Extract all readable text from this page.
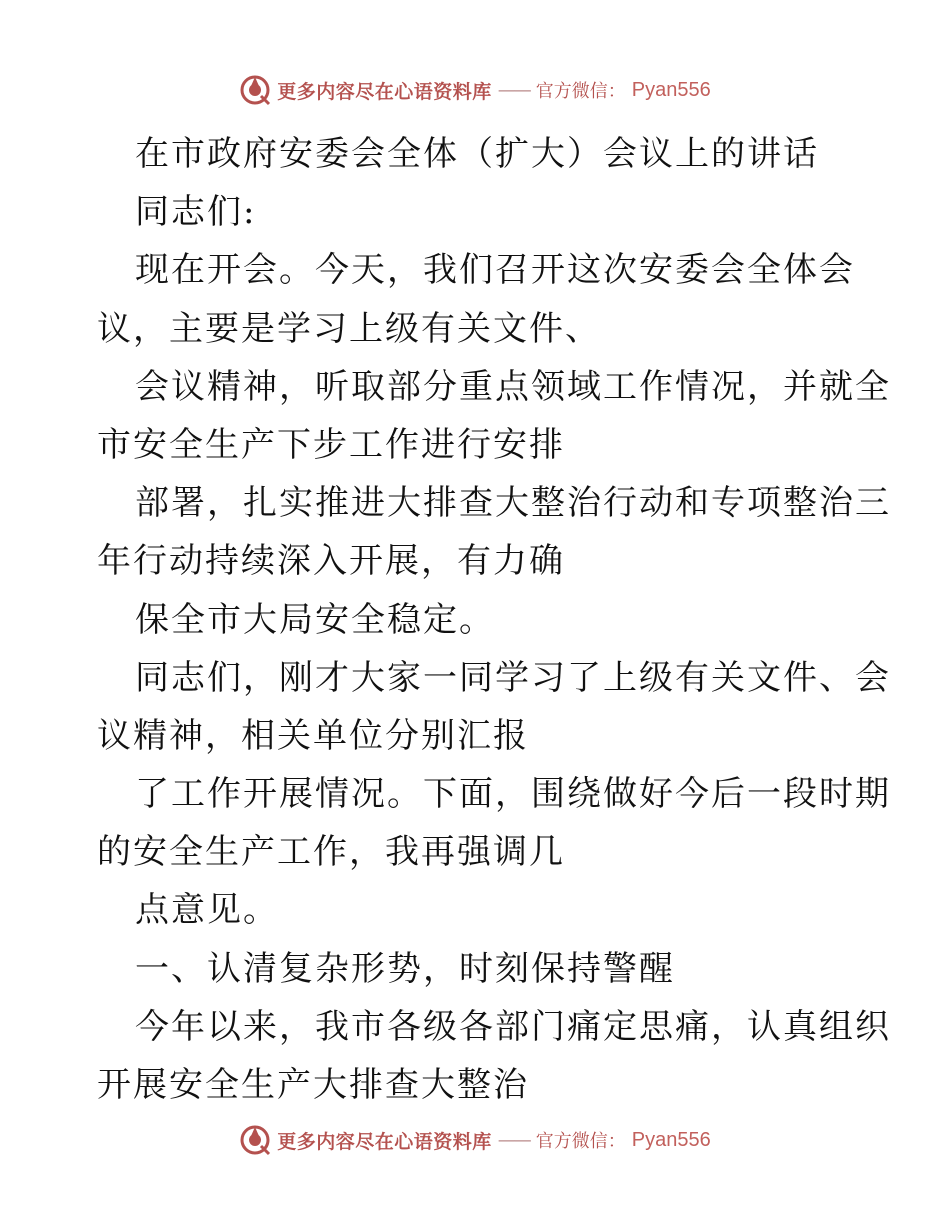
更多内容尽在心语资料库 —— 官方微信： Pyan556
在市政府安委会全体（扩大）会议上的讲话
同志们:
现在开会。今天，我们召开这次安委会全体会
议，主要是学习上级有关文件、
会议精神，听取部分重点领域工作情况，并就全
市安全生产下步工作进行安排
部署，扎实推进大排查大整治行动和专项整治三
年行动持续深入开展，有力确
保全市大局安全稳定。
同志们，刚才大家一同学习了上级有关文件、会
议精神，相关单位分别汇报
了工作开展情况。下面，围绕做好今后一段时期
的安全生产工作，我再强调几
点意见。
一、认清复杂形势，时刻保持警醒
今年以来，我市各级各部门痛定思痛，认真组织
开展安全生产大排查大整治
更多内容尽在心语资料库 —— 官方微信： Pyan556
